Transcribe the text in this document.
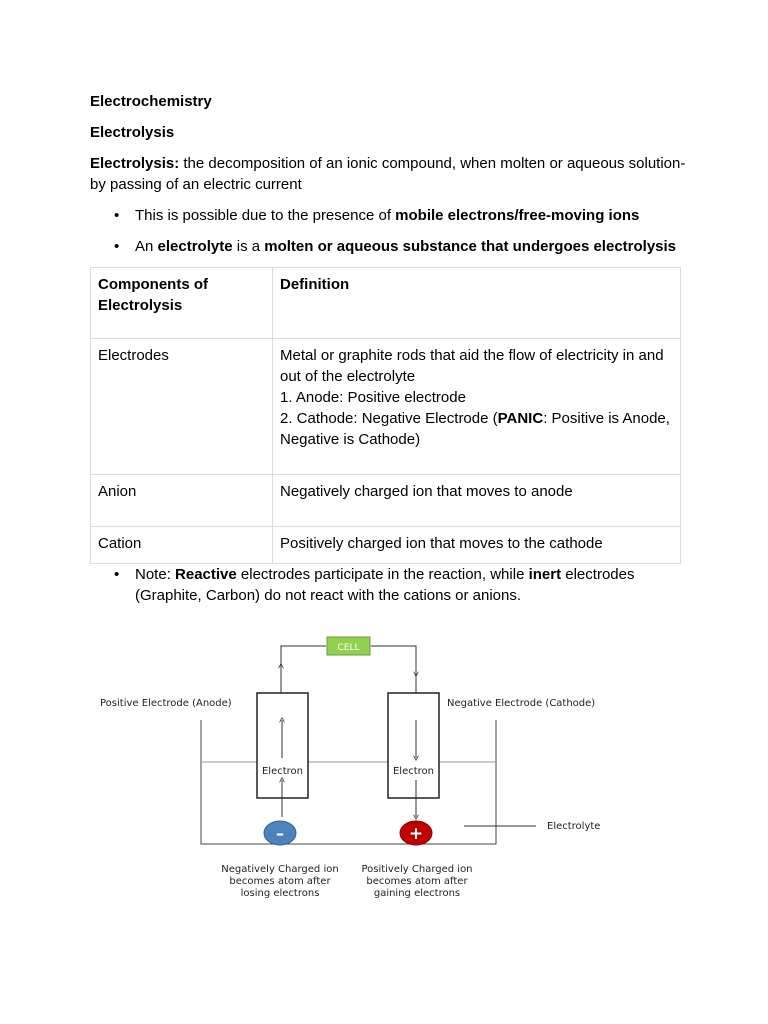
Electrochemistry
Electrolysis
Electrolysis: the decomposition of an ionic compound, when molten or aqueous solution- by passing of an electric current
• This is possible due to the presence of mobile electrons/free-moving ions
• An electrolyte is a molten or aqueous substance that undergoes electrolysis
Components of Electrolysis	Definition
Electrodes	Metal or graphite rods that aid the flow of electricity in and out of the electrolyte
1. Anode: Positive electrode
2. Cathode: Negative Electrode (PANIC: Positive is Anode, Negative is Cathode)

Anion	Negatively charged ion that moves to anode
Cation	Positively charged ion that moves to the cathode
• Note: Reactive electrodes participate in the reaction, while inert electrodes (Graphite, Carbon) do not react with the cations or anions.
CELL
Electron	Electron
Positive Electrode (Anode)	Negative Electrode (Cathode)
Electrolyte
–	+
Negatively Charged ion
becomes atom after
losing electrons
Positively Charged ion
becomes atom after
gaining electrons
